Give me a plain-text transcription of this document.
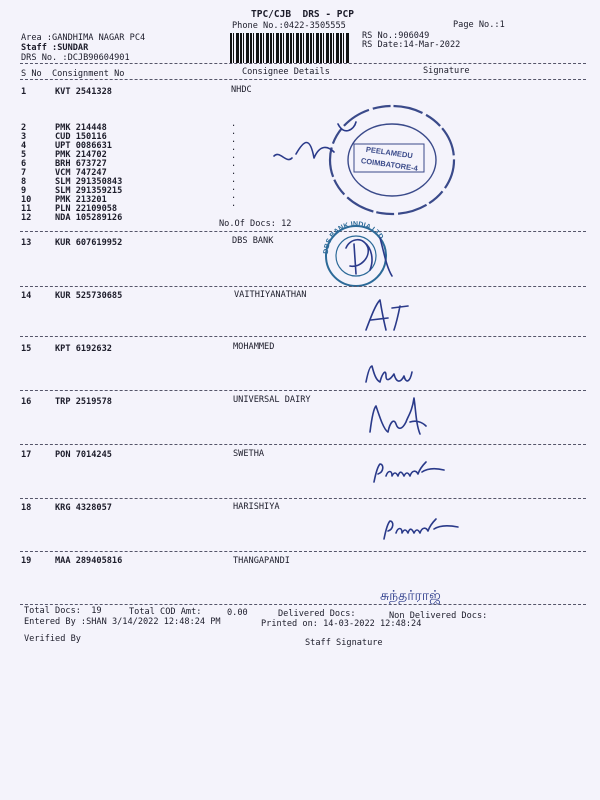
TPC/CJB  DRS - PCP
Phone No.:0422-3505555	Page No.:1
Area :GANDHIMA NAGAR PC4
Staff :SUNDAR
DRS No. :DCJB90604901
RS No.:906049
RS Date:14-Mar-2022
S No Consignment No	Consignee Details	Signature
1	KVT 2541328	NHDC
2	PMK 214448
3	CUD 150116
4	UPT 0086631
5	PMK 214702
6	BRH 673727
7	VCM 747247
8	SLM 291350843
9	SLM 291359215
10	PMK 213201
11	PLN 22109058
12	NDA 105289126
.
.
.
.
.
.
.
.
.
.
.
No.Of Docs: 12
PEELAMEDU
COIMBATORE-4
DBS BANK INDIA LTD
13	KUR 607619952	DBS BANK
14	KUR 525730685	VAITHIYANATHAN
15	KPT 6192632	MOHAMMED
16	TRP 2519578	UNIVERSAL DAIRY
17	PON 7014245	SWETHA
18	KRG 4328057	HARISHIYA
19	MAA 289405816	THANGAPANDI
சுந்தர்ராஜ்
Total Docs:  19	Total COD Amt:	0.00	Delivered Docs:	Non Delivered Docs:
Entered By :SHAN 3/14/2022 12:48:24 PM	Printed on: 14-03-2022 12:48:24
Verified By	Staff Signature
